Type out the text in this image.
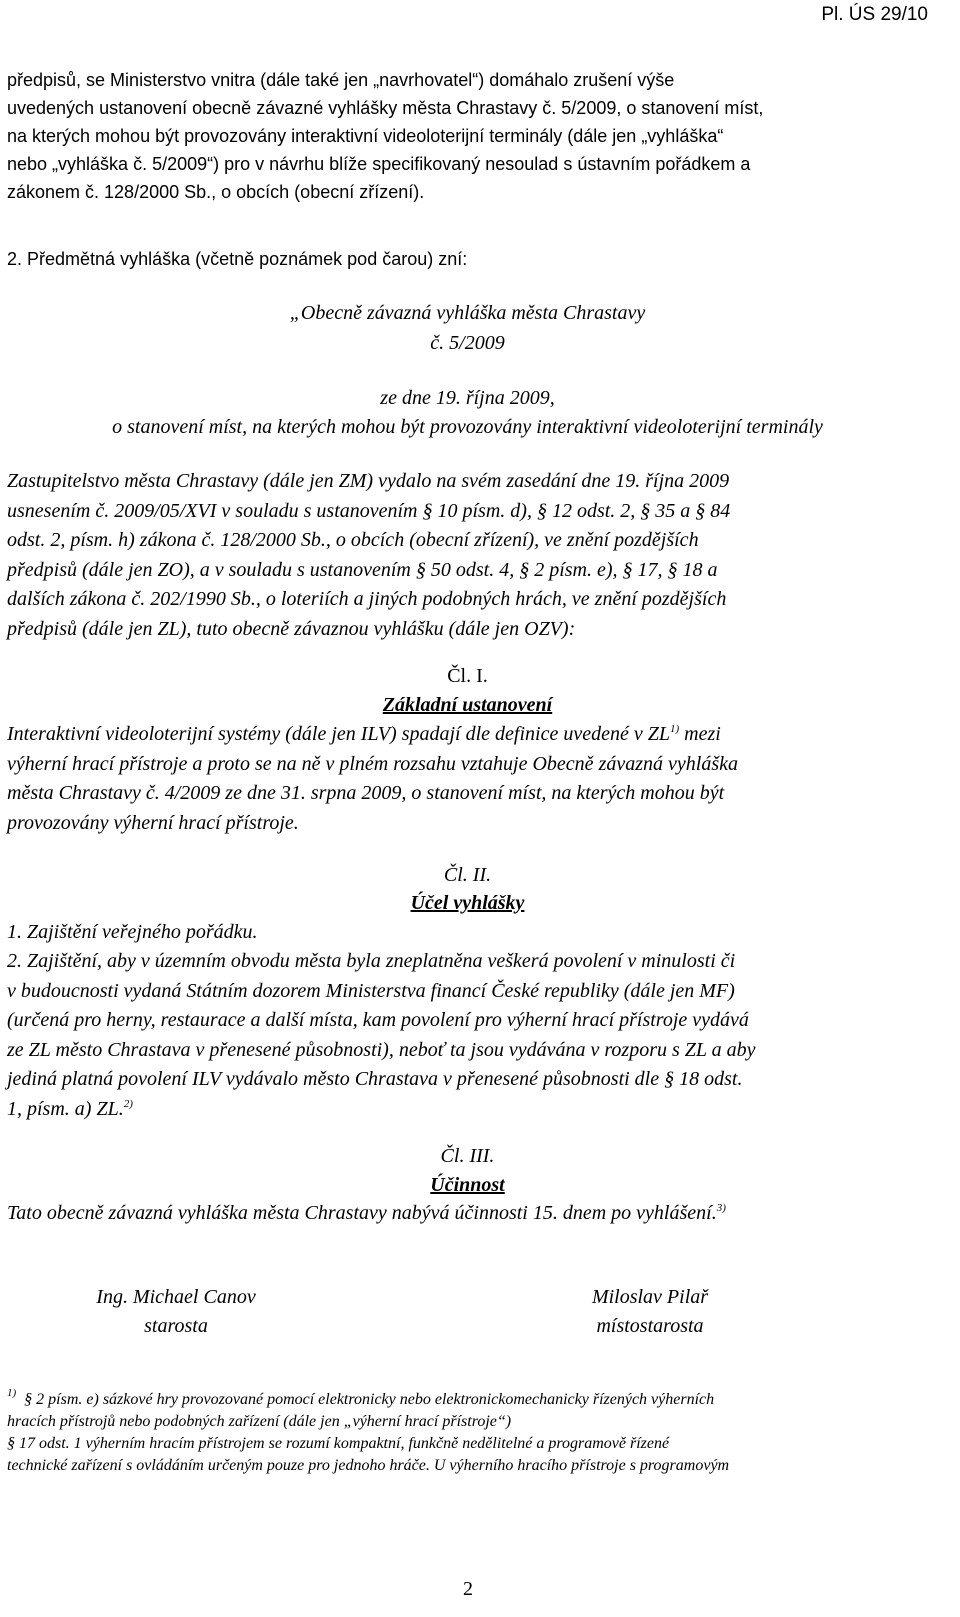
Pl. ÚS 29/10
předpisů, se Ministerstvo vnitra (dále také jen „navrhovatel“) domáhalo zrušení výše
uvedených ustanovení obecně závazné vyhlášky města Chrastavy č. 5/2009, o stanovení míst,
na kterých mohou být provozovány interaktivní videoloterijní terminály (dále jen „vyhláška“
nebo „vyhláška č. 5/2009“) pro v návrhu blíže specifikovaný nesoulad s ústavním pořádkem a
zákonem č. 128/2000 Sb., o obcích (obecní zřízení).
2. Předmětná vyhláška (včetně poznámek pod čarou) zní:
„Obecně závazná vyhláška města Chrastavy
č. 5/2009
ze dne 19. října 2009,
o stanovení míst, na kterých mohou být provozovány interaktivní videoloterijní terminály
Zastupitelstvo města Chrastavy (dále jen ZM) vydalo na svém zasedání dne 19. října 2009
usnesením č. 2009/05/XVI v souladu s ustanovením § 10 písm. d), § 12 odst. 2, § 35 a § 84
odst. 2, písm. h) zákona č. 128/2000 Sb., o obcích (obecní zřízení), ve znění pozdějších
předpisů (dále jen ZO), a v souladu s ustanovením § 50 odst. 4, § 2 písm. e), § 17, § 18 a
dalších zákona č. 202/1990 Sb., o loteriích a jiných podobných hrách, ve znění pozdějších
předpisů (dále jen ZL), tuto obecně závaznou vyhlášku (dále jen OZV):
Čl. I.
Základní ustanovení
Interaktivní videoloterijní systémy (dále jen ILV) spadají dle definice uvedené v ZL$^{1)}$ mezi
výherní hrací přístroje a proto se na ně v plném rozsahu vztahuje Obecně závazná vyhláška
města Chrastavy č. 4/2009 ze dne 31. srpna 2009, o stanovení míst, na kterých mohou být
provozovány výherní hrací přístroje.
Čl. II.
Účel vyhlášky
1. Zajištění veřejného pořádku.
2. Zajištění, aby v územním obvodu města byla zneplatněna veškerá povolení v minulosti či
v budoucnosti vydaná Státním dozorem Ministerstva financí České republiky (dále jen MF)
(určená pro herny, restaurace a další místa, kam povolení pro výherní hrací přístroje vydává
ze ZL město Chrastava v přenesené působnosti), neboť ta jsou vydávána v rozporu s ZL a aby
jediná platná povolení ILV vydávalo město Chrastava v přenesené působnosti dle § 18 odst.
1, písm. a) ZL.$^{2)}$
Čl. III.
Účinnost
Tato obecně závazná vyhláška města Chrastavy nabývá účinnosti 15. dnem po vyhlášení.$^{3)}$
Ing. Michael Canov
starosta
Miloslav Pilař
místostarosta
$^{1)}$ § 2 písm. e) sázkové hry provozované pomocí elektronicky nebo elektronickomechanicky řízených výherních
hracích přístrojů nebo podobných zařízení (dále jen „výherní hrací přístroje“)
§ 17 odst. 1 výherním hracím přístrojem se rozumí kompaktní, funkčně nedělitelné a programově řízené
technické zařízení s ovládáním určeným pouze pro jednoho hráče. U výherního hracího přístroje s programovým
2
